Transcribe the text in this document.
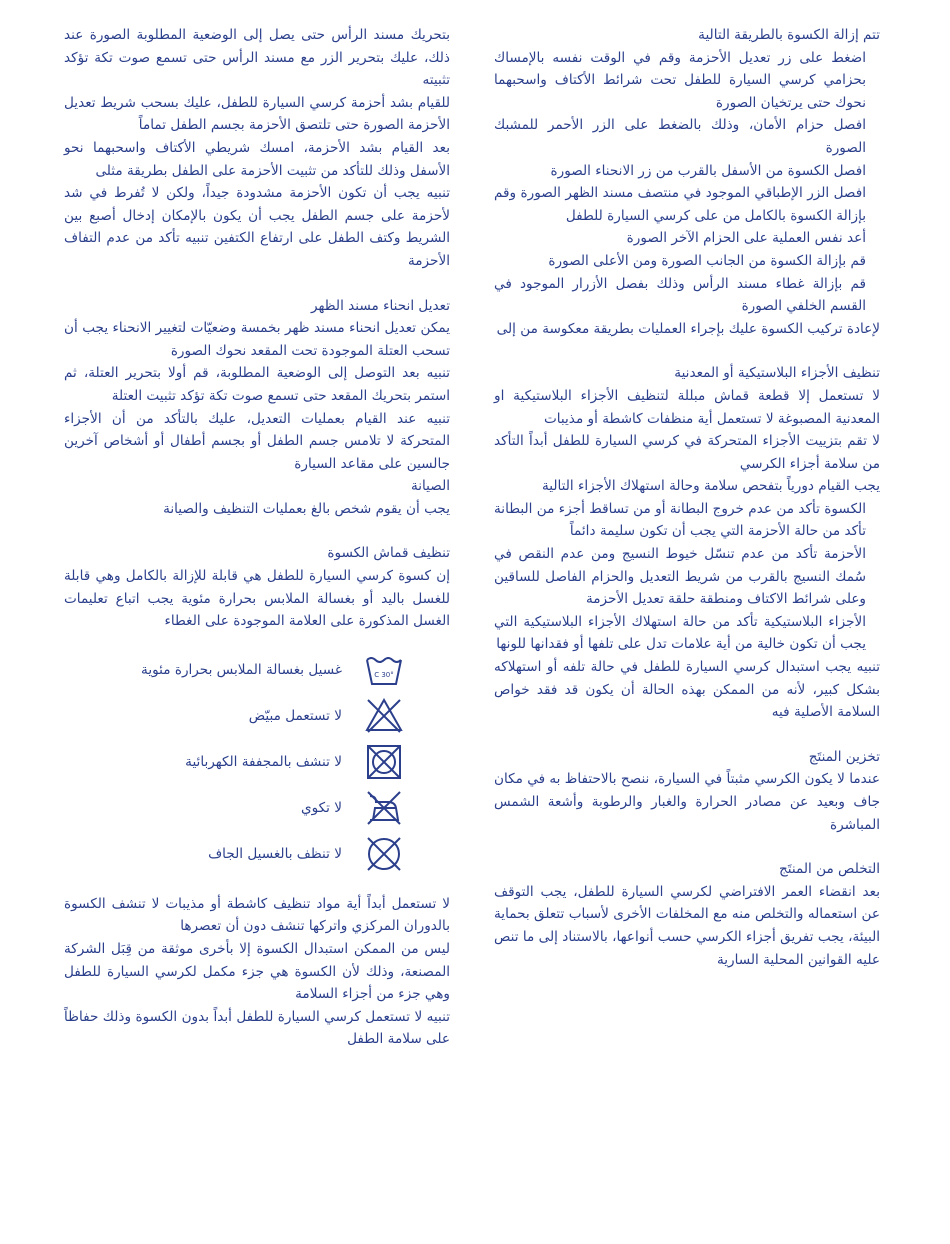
تتم إزالة الكسوة بالطريقة التالية
اضغط على زر تعديل الأحزمة وقم في الوقت نفسه بالإمساك بحزامي كرسي السيارة للطفل تحت شرائط الأكتاف واسحبهما نحوك حتى يرتخيان الصورة
افصل حزام الأمان، وذلك بالضغط على الزر الأحمر للمشبك الصورة
افصل الكسوة من الأسفل بالقرب من زر الانحناء الصورة
افصل الزر الإطباقي الموجود في منتصف مسند الظهر الصورة وقم بإزالة الكسوة بالكامل من على كرسي السيارة للطفل
أعد نفس العملية على الحزام الآخر الصورة
قم بإزالة الكسوة من الجانب الصورة ومن الأعلى الصورة
قم بإزالة غطاء مسند الرأس وذلك بفصل الأزرار الموجود في القسم الخلفي الصورة
لإعادة تركيب الكسوة عليك بإجراء العمليات بطريقة معكوسة من إلى
تنظيف الأجزاء البلاستيكية أو المعدنية
لا تستعمل إلا قطعة قماش مبللة لتنظيف الأجزاء البلاستيكية او المعدنية المصبوغة لا تستعمل أية منظفات كاشطة أو مذيبات
لا تقم بتزييت الأجزاء المتحركة في كرسي السيارة للطفل أبداً التأكد من سلامة أجزاء الكرسي
يجب القيام دورياً بتفحص سلامة وحالة استهلاك الأجزاء التالية
الكسوة تأكد من عدم خروج البطانة أو من تساقط أجزء من البطانة تأكد من حالة الأحزمة التي يجب أن تكون سليمة دائماً
الأحزمة تأكد من عدم تنسّل خيوط النسيج ومن عدم النقص في سُمك النسيج بالقرب من شريط التعديل والحزام الفاصل للساقين وعلى شرائط الاكتاف ومنطقة حلقة تعديل الأحزمة
الأجزاء البلاستيكية تأكد من حالة استهلاك الأجزاء البلاستيكية التي يجب أن تكون خالية من أية علامات تدل على تلفها أو فقدانها للونها
تنبيه يجب استبدال كرسي السيارة للطفل في حالة تلفه أو استهلاكه بشكل كبير، لأنه من الممكن بهذه الحالة أن يكون قد فقد خواص السلامة الأصلية فيه
تخزين المنتَج
عندما لا يكون الكرسي مثبتاً في السيارة، ننصح بالاحتفاظ به في مكان جاف وبعيد عن مصادر الحرارة والغبار والرطوبة وأشعة الشمس المباشرة
التخلص من المنتَج
بعد انقضاء العمر الافتراضي لكرسي السيارة للطفل، يجب التوقف عن استعماله والتخلص منه مع المخلفات الأخرى لأسباب تتعلق بحماية البيئة، يجب تفريق أجزاء الكرسي حسب أنواعها، بالاستناد إلى ما تنص عليه القوانين المحلية السارية
بتحريك مسند الرأس حتى يصل إلى الوضعية المطلوبة الصورة عند ذلك، عليك بتحرير الزر مع مسند الرأس حتى تسمع صوت تكة تؤكد تثبيته
للقيام بشد أحزمة كرسي السيارة للطفل، عليك بسحب شريط تعديل الأحزمة الصورة حتى تلتصق الأحزمة بجسم الطفل تماماً
بعد القيام بشد الأحزمة، امسك شريطي الأكتاف واسحبهما نحو الأسفل وذلك للتأكد من تثبيت الأحزمة على الطفل بطريقة مثلى
تنبيه يجب أن تكون الأحزمة مشدودة جيداً، ولكن لا تُفرط في شد لأحزمة على جسم الطفل يجب أن يكون بالإمكان إدخال أصبع بين الشريط وكتف الطفل على ارتفاع الكتفين تنبيه تأكد من عدم التفاف الأحزمة
تعديل انحناء مسند الظهر
يمكن تعديل انحناء مسند ظهر بخمسة وضعيّات لتغيير الانحناء يجب أن تسحب العتلة الموجودة تحت المقعد نحوك الصورة
تنبيه بعد التوصل إلى الوضعية المطلوبة، قم أولا بتحرير العتلة، ثم استمر بتحريك المقعد حتى تسمع صوت تكة تؤكد تثبيت العتلة
تنبيه عند القيام بعمليات التعديل، عليك بالتأكد من أن الأجزاء المتحركة لا تلامس جسم الطفل أو بجسم أطفال أو أشخاص آخرين جالسين على مقاعد السيارة
الصيانة
يجب أن يقوم شخص بالغ بعمليات التنظيف والصيانة
تنظيف قماش الكسوة
إن كسوة كرسي السيارة للطفل هي قابلة للإزالة بالكامل وهي قابلة للغسل باليد أو بغسالة الملابس بحرارة مئوية يجب اتباع تعليمات الغسل المذكورة على العلامة الموجودة على الغطاء
30° C
غسيل بغسالة الملابس بحرارة مئوية
لا تستعمل مبيّض
لا تنشف بالمجففة الكهربائية
لا تكوي
لا تنظف بالغسيل الجاف
لا تستعمل أبداً أية مواد تنظيف كاشطة أو مذيبات لا تنشف الكسوة بالدوران المركزي واتركها تنشف دون أن تعصرها
ليس من الممكن استبدال الكسوة إلا بأخرى موثقة من قِبَل الشركة المصنعة، وذلك لأن الكسوة هي جزء مكمل لكرسي السيارة للطفل وهي جزء من أجزاء السلامة
تنبيه لا تستعمل كرسي السيارة للطفل أبداً بدون الكسوة وذلك حفاظاً على سلامة الطفل
